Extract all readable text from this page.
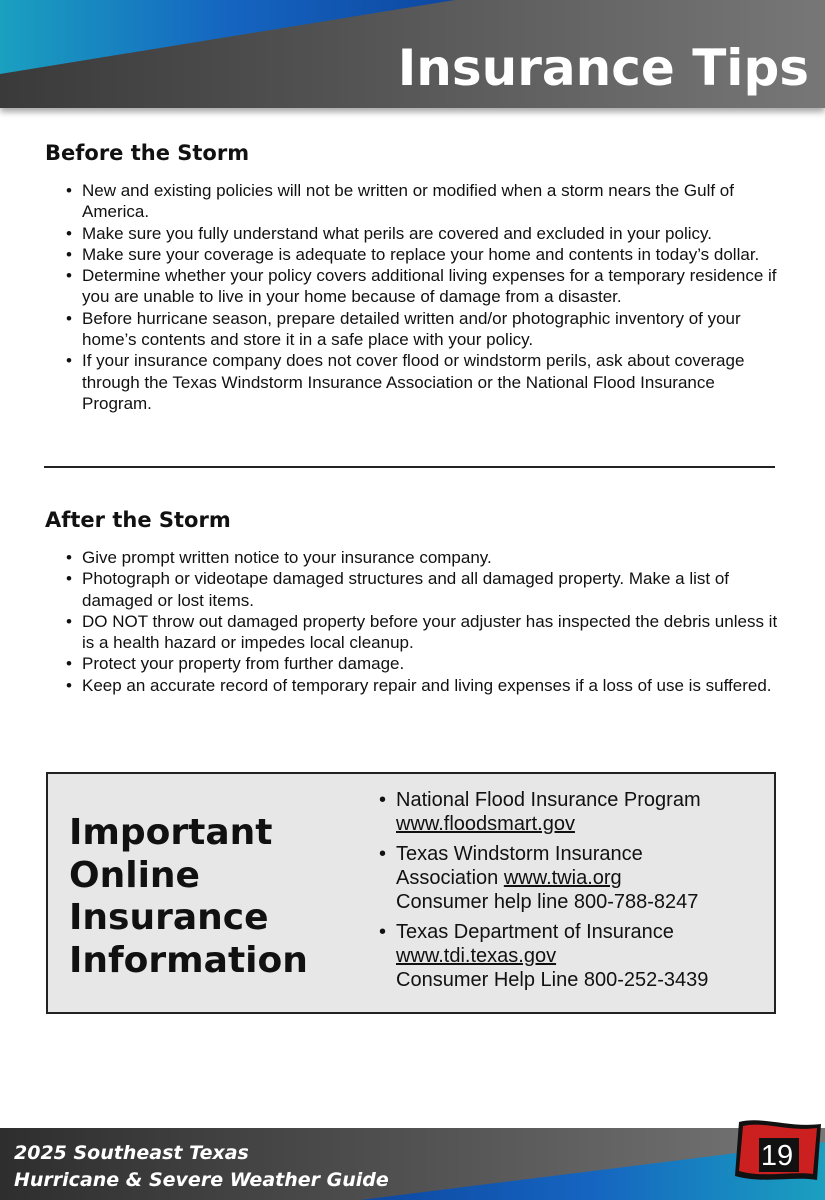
Insurance Tips
Before the Storm
• New and existing policies will not be written or modified when a storm nears the Gulf of America.
• Make sure you fully understand what perils are covered and excluded in your policy.
• Make sure your coverage is adequate to replace your home and contents in today’s dollar.
• Determine whether your policy covers additional living expenses for a temporary residence if you are unable to live in your home because of damage from a disaster.
• Before hurricane season, prepare detailed written and/or photographic inventory of your home’s contents and store it in a safe place with your policy.
• If your insurance company does not cover flood or windstorm perils, ask about coverage through the Texas Windstorm Insurance Association or the National Flood Insurance Program.
After the Storm
• Give prompt written notice to your insurance company.
• Photograph or videotape damaged structures and all damaged property. Make a list of damaged or lost items.
• DO NOT throw out damaged property before your adjuster has inspected the debris unless it is a health hazard or impedes local cleanup.
• Protect your property from further damage.
• Keep an accurate record of temporary repair and living expenses if a loss of use is suffered.
Important
Online
Insurance
Information
• National Flood Insurance Program
www.floodsmart.gov
• Texas Windstorm Insurance
Association www.twia.org
Consumer help line 800-788-8247
• Texas Department of Insurance
www.tdi.texas.gov
Consumer Help Line 800-252-3439
2025 Southeast Texas
Hurricane & Severe Weather Guide
19
